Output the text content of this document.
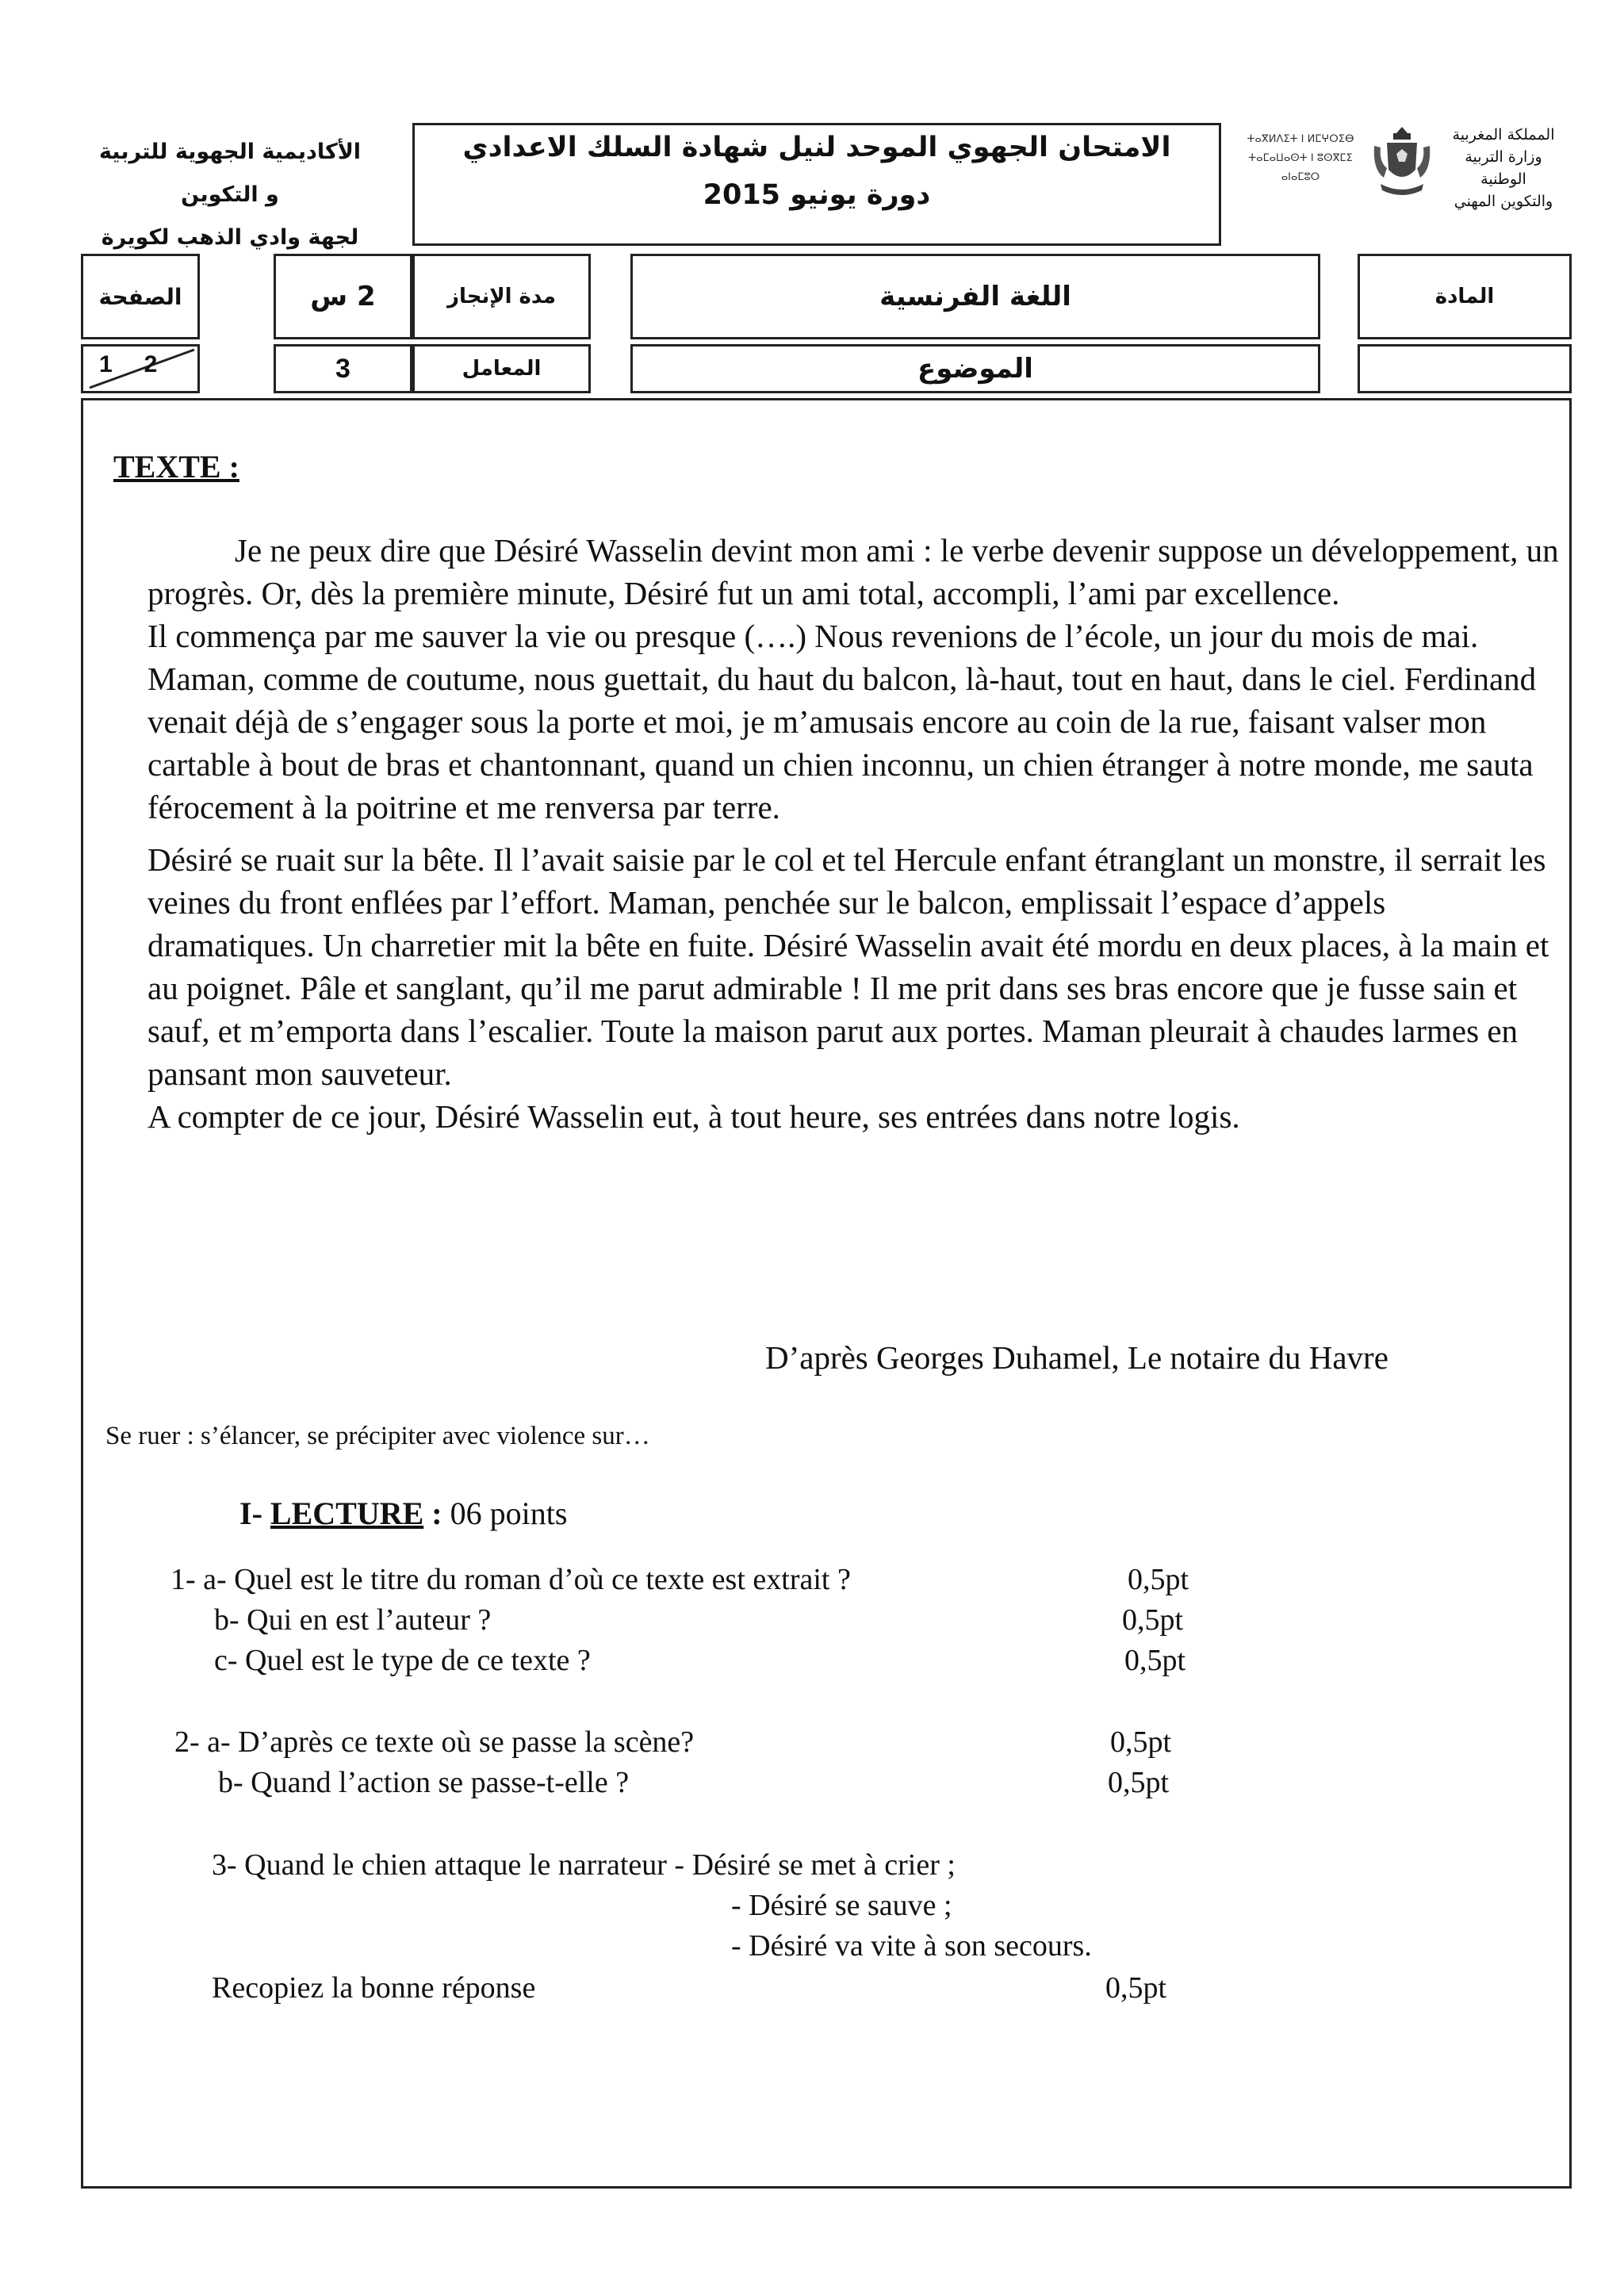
الأكاديمية الجهوية للتربية و التكوين
لجهة وادي الذهب لكويرة
الامتحان الجهوي الموحد لنيل شهادة السلك الاعدادي
دورة يونيو 2015
ⵜⴰⴳⵍⴷⵉⵜ ⵏ ⵍⵎⵖⵔⵉⴱ
ⵜⴰⵎⴰⵡⴰⵙⵜ ⵏ ⵓⵙⴳⵎⵉ
ⴰⵏⴰⵎⵓⵔ
المملكة المغربية
وزارة التربية الوطنية
والتكوين المهني
الصفحة	2 س	مدة الإنجاز	اللغة الفرنسية	المادة
12	3	المعامل	الموضوع
TEXTE :

Je ne peux dire que Désiré Wasselin devint mon ami : le verbe devenir suppose un développement, un progrès. Or, dès la première minute, Désiré fut un ami total, accompli, l’ami par excellence.

Il commença par me sauver la vie ou presque (….) Nous revenions de l’école, un jour du mois de mai. Maman, comme de coutume, nous guettait, du haut du balcon, là-haut, tout en haut, dans le ciel. Ferdinand venait déjà de s’engager sous la porte et moi, je m’amusais encore au coin de la rue, faisant valser mon cartable à bout de bras et chantonnant, quand un chien inconnu, un chien étranger à notre monde, me sauta férocement à la poitrine et me renversa par terre.

Désiré se ruait sur la bête. Il l’avait saisie par le col et tel Hercule enfant étranglant un monstre, il serrait les veines du front enflées par l’effort. Maman, penchée sur le balcon, emplissait l’espace d’appels dramatiques. Un charretier mit la bête en fuite. Désiré Wasselin avait été mordu en deux places, à la main et au poignet. Pâle et sanglant, qu’il me parut admirable ! Il me prit dans ses bras encore que je fusse sain et sauf, et m’emporta dans l’escalier. Toute la maison parut aux portes. Maman pleurait à chaudes larmes en pansant mon sauveteur.

A compter de ce jour, Désiré Wasselin eut, à tout heure, ses entrées dans notre logis.

D’après Georges Duhamel, Le notaire du Havre
Se ruer : s’élancer, se précipiter avec violence sur…
I- LECTURE : 06 points
1- a- Quel est le titre du roman d’où ce texte est extrait ?	0,5pt
b- Qui en est l’auteur ?	0,5pt
c- Quel est le type de ce texte ?	0,5pt
2- a- D’après ce texte où se passe la scène?	0,5pt
b- Quand l’action se passe-t-elle ?	0,5pt
3- Quand le chien attaque le narrateur - Désiré se met à crier ;
- Désiré se sauve ;
- Désiré va vite à son secours.
Recopiez la bonne réponse	0,5pt
